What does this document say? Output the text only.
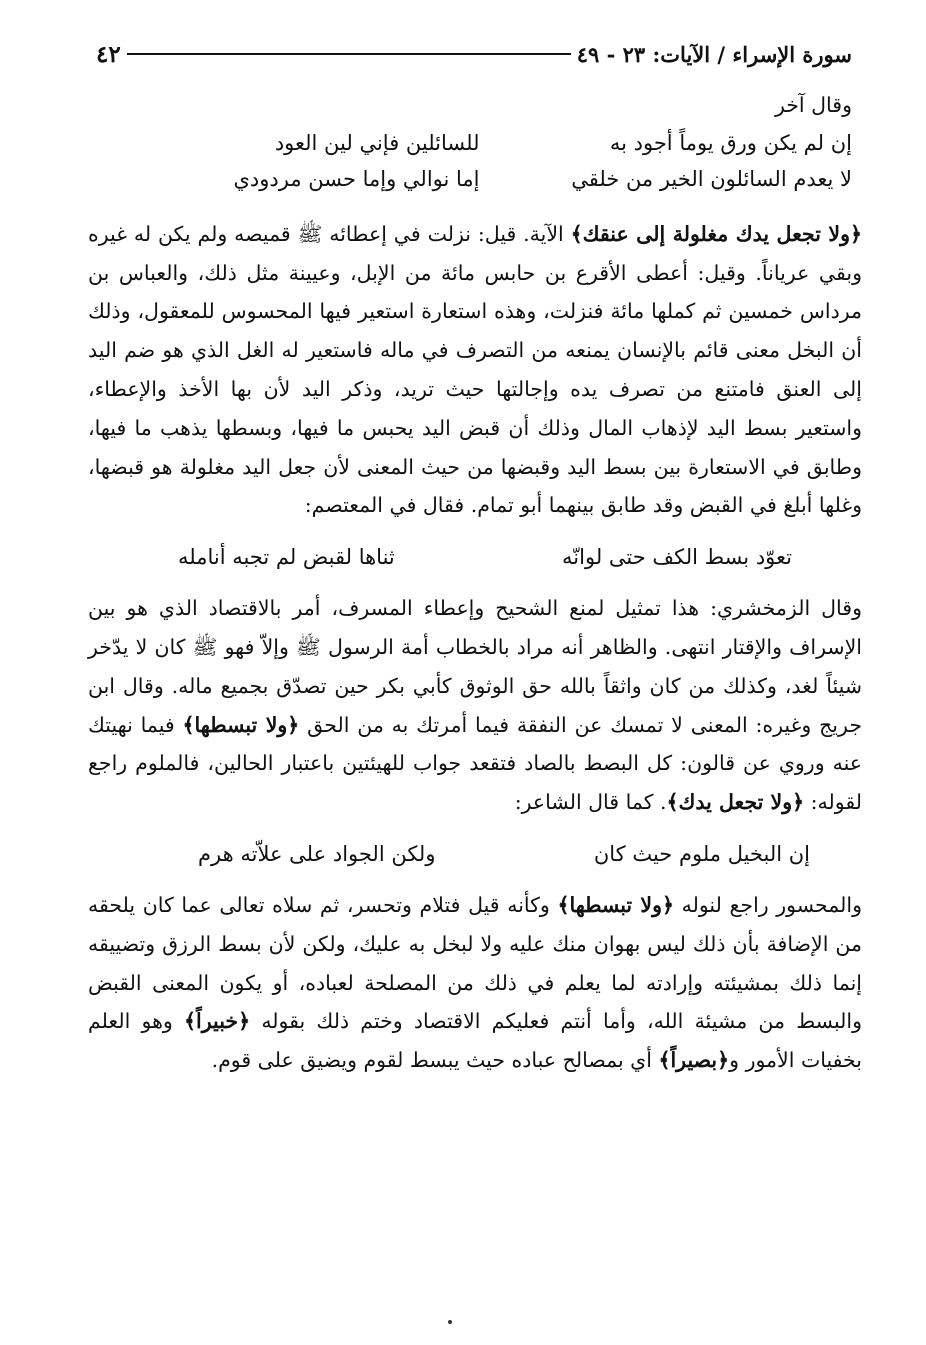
سورة الإسراء / الآيات: ٢٣ - ٤٩
٤٢

وقال آخر

إن لم يكن ورق يوماً أجود به
للسائلين فإني لين العود
لا يعدم السائلون الخير من خلقي
إما نوالي وإما حسن مردودي

﴿ولا تجعل يدك مغلولة إلى عنقك﴾ الآية. قيل: نزلت في إعطائه ﷺ قميصه ولم يكن له غيره وبقي عرياناً. وقيل: أعطى الأقرع بن حابس مائة من الإبل، وعيينة مثل ذلك، والعباس بن مرداس خمسين ثم كملها مائة فنزلت، وهذه استعارة استعير فيها المحسوس للمعقول، وذلك أن البخل معنى قائم بالإنسان يمنعه من التصرف في ماله فاستعير له الغل الذي هو ضم اليد إلى العنق فامتنع من تصرف يده وإجالتها حيث تريد، وذكر اليد لأن بها الأخذ والإعطاء، واستعير بسط اليد لإذهاب المال وذلك أن قبض اليد يحبس ما فيها، وبسطها يذهب ما فيها، وطابق في الاستعارة بين بسط اليد وقبضها من حيث المعنى لأن جعل اليد مغلولة هو قبضها، وغلها أبلغ في القبض وقد طابق بينهما أبو تمام. فقال في المعتصم:

تعوّد بسط الكف حتى لوانّه
ثناها لقبض لم تجبه أنامله

وقال الزمخشري: هذا تمثيل لمنع الشحيح وإعطاء المسرف، أمر بالاقتصاد الذي هو بين الإسراف والإقتار انتهى. والظاهر أنه مراد بالخطاب أمة الرسول ﷺ وإلاّ فهو ﷺ كان لا يدّخر شيئاً لغد، وكذلك من كان واثقاً بالله حق الوثوق كأبي بكر حين تصدّق بجميع ماله. وقال ابن جريج وغيره: المعنى لا تمسك عن النفقة فيما أمرتك به من الحق ﴿ولا تبسطها﴾ فيما نهيتك عنه وروي عن قالون: كل البصط بالصاد فتقعد جواب للهيئتين باعتبار الحالين، فالملوم راجع لقوله: ﴿ولا تجعل يدك﴾. كما قال الشاعر:

إن البخيل ملوم حيث كان
ولكن الجواد على علاّته هرم

والمحسور راجع لنوله ﴿ولا تبسطها﴾ وكأنه قيل فتلام وتحسر، ثم سلاه تعالى عما كان يلحقه من الإضافة بأن ذلك ليس بهوان منك عليه ولا لبخل به عليك، ولكن لأن بسط الرزق وتضييقه إنما ذلك بمشيئته وإرادته لما يعلم في ذلك من المصلحة لعباده، أو يكون المعنى القبض والبسط من مشيئة الله، وأما أنتم فعليكم الاقتصاد وختم ذلك بقوله ﴿خبيراً﴾ وهو العلم بخفيات الأمور و﴿بصيراً﴾ أي بمصالح عباده حيث يبسط لقوم ويضيق على قوم.
